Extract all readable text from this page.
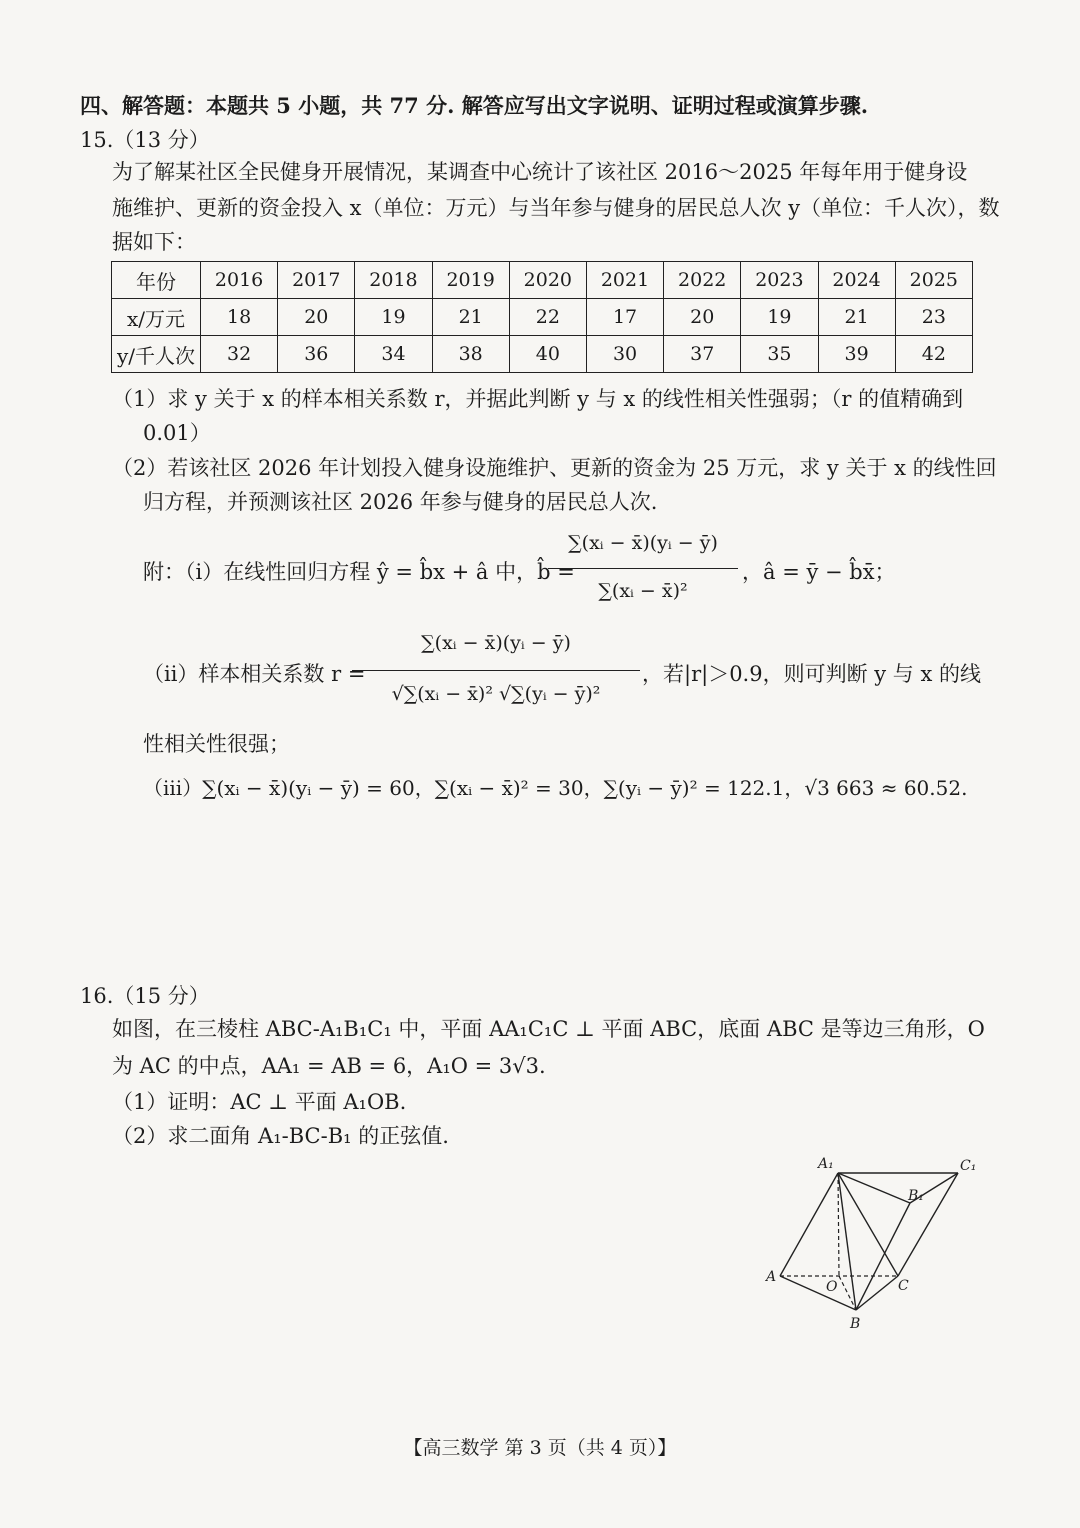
四、解答题：本题共 5 小题，共 77 分. 解答应写出文字说明、证明过程或演算步骤.
15.（13 分）
为了解某社区全民健身开展情况，某调查中心统计了该社区 2016～2025 年每年用于健身设
施维护、更新的资金投入 x（单位：万元）与当年参与健身的居民总人次 y（单位：千人次），数
据如下：
年份	2016	2017	2018	2019	2020	2021	2022	2023	2024	2025
x/万元	18	20	19	21	22	17	20	19	21	23
y/千人次	32	36	34	38	40	30	37	35	39	42
（1）求 y 关于 x 的样本相关系数 r，并据此判断 y 与 x 的线性相关性强弱；（r 的值精确到
0.01）
（2）若该社区 2026 年计划投入健身设施维护、更新的资金为 25 万元，求 y 关于 x 的线性回
归方程，并预测该社区 2026 年参与健身的居民总人次.
附：（ⅰ）在线性回归方程 ŷ = b̂x + â 中，b̂ =
∑(xᵢ − x̄)(yᵢ − ȳ)
∑(xᵢ − x̄)²
，â = ȳ − b̂x̄；
（ⅱ）样本相关系数 r =
∑(xᵢ − x̄)(yᵢ − ȳ)
√∑(xᵢ − x̄)² √∑(yᵢ − ȳ)²
，若|r|＞0.9，则可判断 y 与 x 的线
性相关性很强；
（ⅲ）∑(xᵢ − x̄)(yᵢ − ȳ) = 60，∑(xᵢ − x̄)² = 30，∑(yᵢ − ȳ)² = 122.1，√3 663 ≈ 60.52.
16.（15 分）
如图，在三棱柱 ABC-A₁B₁C₁ 中，平面 AA₁C₁C ⊥ 平面 ABC，底面 ABC 是等边三角形，O
为 AC 的中点，AA₁ = AB = 6，A₁O = 3√3.
（1）证明：AC ⊥ 平面 A₁OB.
（2）求二面角 A₁-BC-B₁ 的正弦值.
A₁	C₁
B₁
A
O	C
B
【高三数学 第 3 页（共 4 页）】
